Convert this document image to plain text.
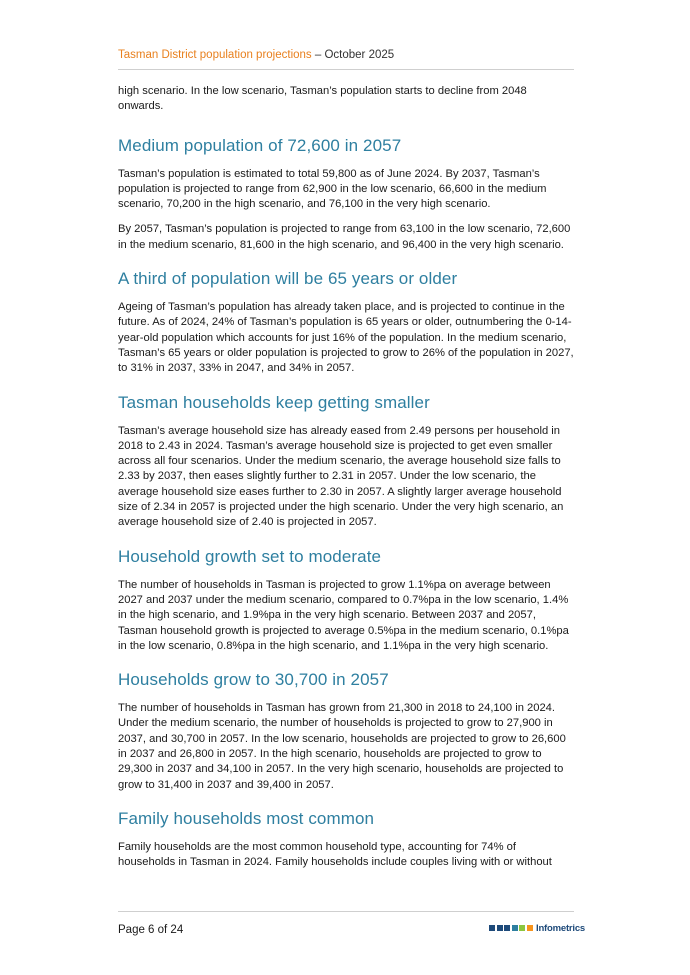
Tasman District population projections – October 2025

high scenario. In the low scenario, Tasman’s population starts to decline from 2048 onwards.

Medium population of 72,600 in 2057

Tasman’s population is estimated to total 59,800 as of June 2024. By 2037, Tasman’s population is projected to range from 62,900 in the low scenario, 66,600 in the medium scenario, 70,200 in the high scenario, and 76,100 in the very high scenario.

By 2057, Tasman’s population is projected to range from 63,100 in the low scenario, 72,600 in the medium scenario, 81,600 in the high scenario, and 96,400 in the very high scenario.

A third of population will be 65 years or older

Ageing of Tasman’s population has already taken place, and is projected to continue in the future. As of 2024, 24% of Tasman’s population is 65 years or older, outnumbering the 0-14-year-old population which accounts for just 16% of the population. In the medium scenario, Tasman’s 65 years or older population is projected to grow to 26% of the population in 2027, to 31% in 2037, 33% in 2047, and 34% in 2057.

Tasman households keep getting smaller

Tasman’s average household size has already eased from 2.49 persons per household in 2018 to 2.43 in 2024. Tasman’s average household size is projected to get even smaller across all four scenarios. Under the medium scenario, the average household size falls to 2.33 by 2037, then eases slightly further to 2.31 in 2057. Under the low scenario, the average household size eases further to 2.30 in 2057. A slightly larger average household size of 2.34 in 2057 is projected under the high scenario. Under the very high scenario, an average household size of 2.40 is projected in 2057.

Household growth set to moderate

The number of households in Tasman is projected to grow 1.1%pa on average between 2027 and 2037 under the medium scenario, compared to 0.7%pa in the low scenario, 1.4% in the high scenario, and 1.9%pa in the very high scenario. Between 2037 and 2057, Tasman household growth is projected to average 0.5%pa in the medium scenario, 0.1%pa in the low scenario, 0.8%pa in the high scenario, and 1.1%pa in the very high scenario.

Households grow to 30,700 in 2057

The number of households in Tasman has grown from 21,300 in 2018 to 24,100 in 2024. Under the medium scenario, the number of households is projected to grow to 27,900 in 2037, and 30,700 in 2057. In the low scenario, households are projected to grow to 26,600 in 2037 and 26,800 in 2057. In the high scenario, households are projected to grow to 29,300 in 2037 and 34,100 in 2057. In the very high scenario, households are projected to grow to 31,400 in 2037 and 39,400 in 2057.

Family households most common

Family households are the most common household type, accounting for 74% of households in Tasman in 2024. Family households include couples living with or without

Page 6 of 24	Infometrics
